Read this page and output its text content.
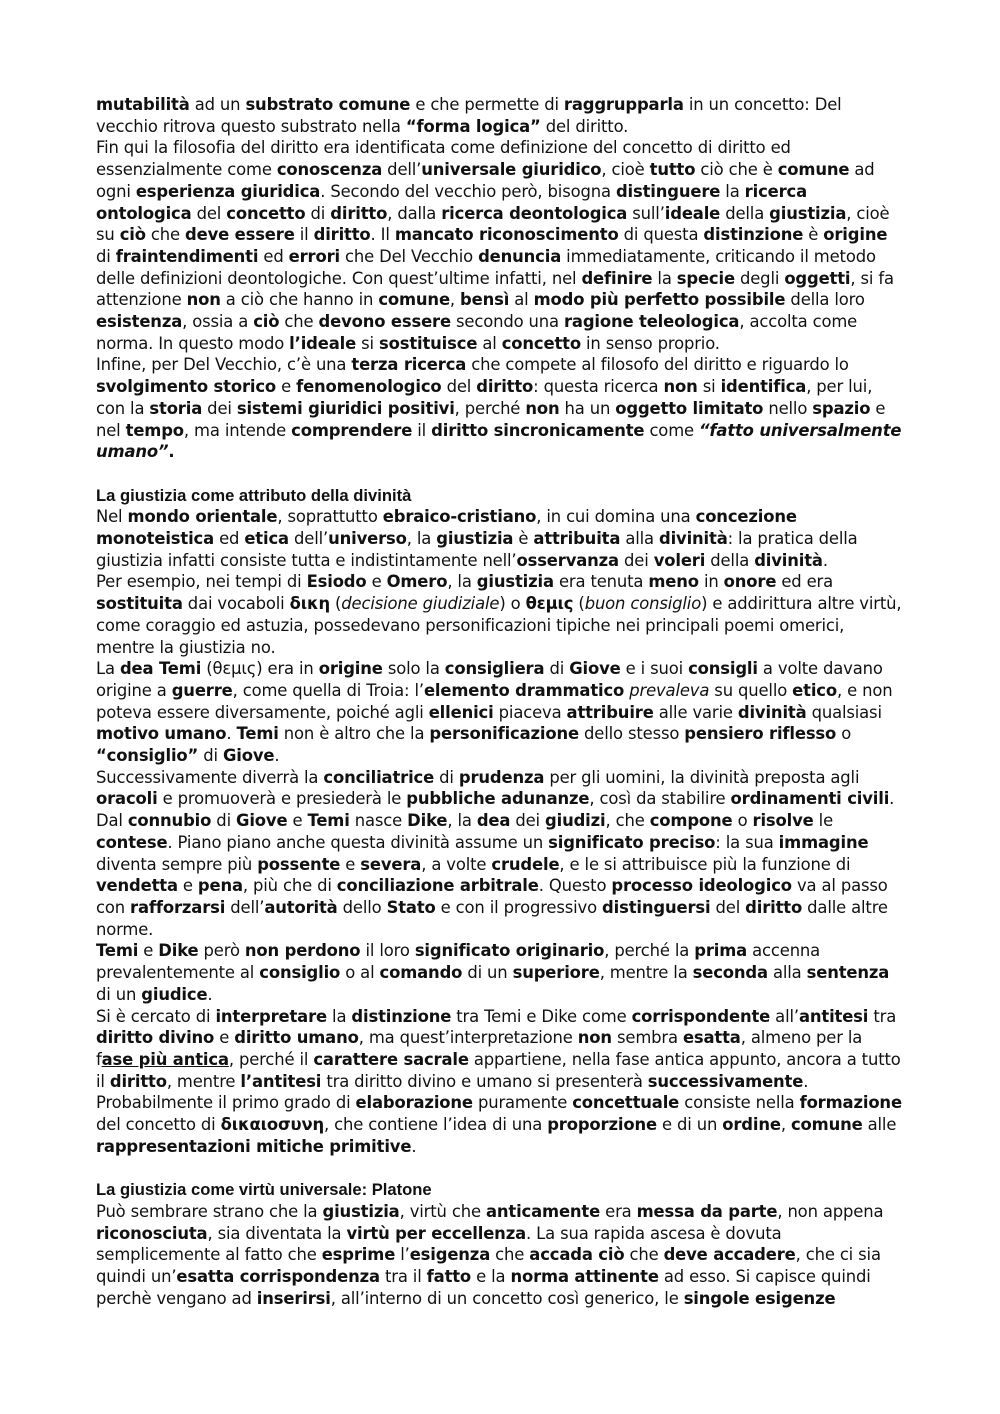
mutabilità ad un substrato comune e che permette di raggrupparla in un concetto: Del vecchio ritrova questo substrato nella “forma logica” del diritto.

Fin qui la filosofia del diritto era identificata come definizione del concetto di diritto ed essenzialmente come conoscenza dell’universale giuridico, cioè tutto ciò che è comune ad ogni esperienza giuridica. Secondo del vecchio però, bisogna distinguere la ricerca ontologica del concetto di diritto, dalla ricerca deontologica sull’ideale della giustizia, cioè su ciò che deve essere il diritto. Il mancato riconoscimento di questa distinzione è origine di fraintendimenti ed errori che Del Vecchio denuncia immediatamente, criticando il metodo delle definizioni deontologiche. Con quest’ultime infatti, nel definire la specie degli oggetti, si fa attenzione non a ciò che hanno in comune, bensì al modo più perfetto possibile della loro esistenza, ossia a ciò che devono essere secondo una ragione teleologica, accolta come norma. In questo modo l’ideale si sostituisce al concetto in senso proprio.

Infine, per Del Vecchio, c’è una terza ricerca che compete al filosofo del diritto e riguardo lo svolgimento storico e fenomenologico del diritto: questa ricerca non si identifica, per lui, con la storia dei sistemi giuridici positivi, perché non ha un oggetto limitato nello spazio e nel tempo, ma intende comprendere il diritto sincronicamente come “fatto universalmente umano”.

La giustizia come attributo della divinità

Nel mondo orientale, soprattutto ebraico-cristiano, in cui domina una concezione monoteistica ed etica dell’universo, la giustizia è attribuita alla divinità: la pratica della giustizia infatti consiste tutta e indistintamente nell’osservanza dei voleri della divinità.

Per esempio, nei tempi di Esiodo e Omero, la giustizia era tenuta meno in onore ed era sostituita dai vocaboli δικη (decisione giudiziale) o θεμις (buon consiglio) e addirittura altre virtù, come coraggio ed astuzia, possedevano personificazioni tipiche nei principali poemi omerici, mentre la giustizia no.

La dea Temi (θεμις) era in origine solo la consigliera di Giove e i suoi consigli a volte davano origine a guerre, come quella di Troia: l’elemento drammatico prevaleva su quello etico, e non poteva essere diversamente, poiché agli ellenici piaceva attribuire alle varie divinità qualsiasi motivo umano. Temi non è altro che la personificazione dello stesso pensiero riflesso o “consiglio” di Giove.

Successivamente diverrà la conciliatrice di prudenza per gli uomini, la divinità preposta agli oracoli e promuoverà e presiederà le pubbliche adunanze, così da stabilire ordinamenti civili.

Dal connubio di Giove e Temi nasce Dike, la dea dei giudizi, che compone o risolve le contese. Piano piano anche questa divinità assume un significato preciso: la sua immagine diventa sempre più possente e severa, a volte crudele, e le si attribuisce più la funzione di vendetta e pena, più che di conciliazione arbitrale. Questo processo ideologico va al passo con rafforzarsi dell’autorità dello Stato e con il progressivo distinguersi del diritto dalle altre norme.

Temi e Dike però non perdono il loro significato originario, perché la prima accenna prevalentemente al consiglio o al comando di un superiore, mentre la seconda alla sentenza di un giudice.

Si è cercato di interpretare la distinzione tra Temi e Dike come corrispondente all’antitesi tra diritto divino e diritto umano, ma quest’interpretazione non sembra esatta, almeno per la fase più antica, perché il carattere sacrale appartiene, nella fase antica appunto, ancora a tutto il diritto, mentre l’antitesi tra diritto divino e umano si presenterà successivamente.

Probabilmente il primo grado di elaborazione puramente concettuale consiste nella formazione del concetto di δικαιοσυνη, che contiene l’idea di una proporzione e di un ordine, comune alle rappresentazioni mitiche primitive.

La giustizia come virtù universale: Platone

Può sembrare strano che la giustizia, virtù che anticamente era messa da parte, non appena riconosciuta, sia diventata la virtù per eccellenza. La sua rapida ascesa è dovuta semplicemente al fatto che esprime l’esigenza che accada ciò che deve accadere, che ci sia quindi un’esatta corrispondenza tra il fatto e la norma attinente ad esso. Si capisce quindi perchè vengano ad inserirsi, all’interno di un concetto così generico, le singole esigenze
